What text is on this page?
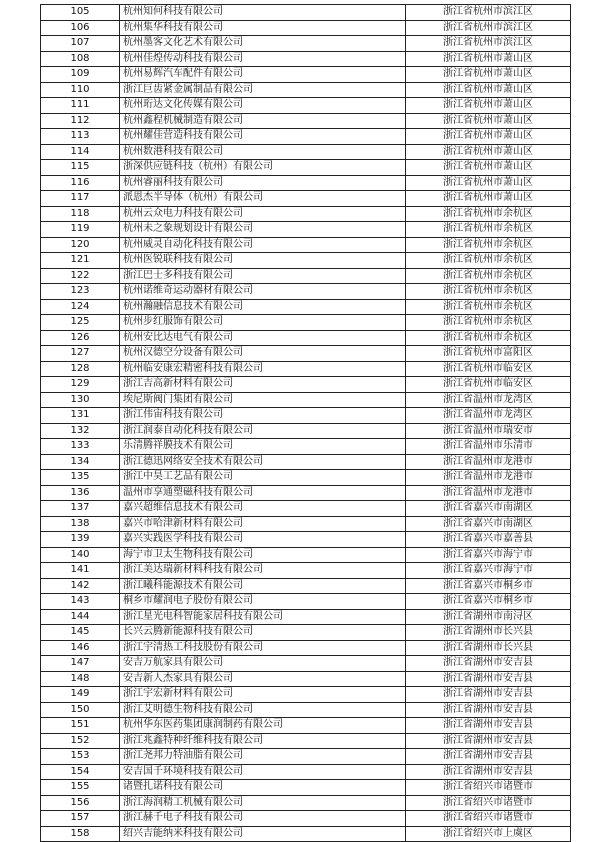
105	杭州知何科技有限公司	浙江省杭州市滨江区
106	杭州集华科技有限公司	浙江省杭州市滨江区
107	杭州墨客文化艺术有限公司	浙江省杭州市滨江区
108	杭州佳煌传动科技有限公司	浙江省杭州市萧山区
109	杭州易辉汽车配件有限公司	浙江省杭州市萧山区
110	浙江巨齿紧金属制品有限公司	浙江省杭州市萧山区
111	杭州珩达文化传媒有限公司	浙江省杭州市萧山区
112	杭州鑫程机械制造有限公司	浙江省杭州市萧山区
113	杭州耀佳营造科技有限公司	浙江省杭州市萧山区
114	杭州数港科技有限公司	浙江省杭州市萧山区
115	浙深供应链科技（杭州）有限公司	浙江省杭州市萧山区
116	杭州睿丽科技有限公司	浙江省杭州市萧山区
117	派恩杰半导体（杭州）有限公司	浙江省杭州市萧山区
118	杭州云众电力科技有限公司	浙江省杭州市余杭区
119	杭州未之象规划设计有限公司	浙江省杭州市余杭区
120	杭州威灵自动化科技有限公司	浙江省杭州市余杭区
121	杭州医锐联科技有限公司	浙江省杭州市余杭区
122	浙江巴士多科技有限公司	浙江省杭州市余杭区
123	杭州诺维奇运动器材有限公司	浙江省杭州市余杭区
124	杭州瀚融信息技术有限公司	浙江省杭州市余杭区
125	杭州步红服饰有限公司	浙江省杭州市余杭区
126	杭州安比达电气有限公司	浙江省杭州市余杭区
127	杭州汉德空分设备有限公司	浙江省杭州市富阳区
128	杭州临安康宏精密科技有限公司	浙江省杭州市临安区
129	浙江吉高新材料有限公司	浙江省杭州市临安区
130	埃尼斯阀门集团有限公司	浙江省温州市龙湾区
131	浙江伟宙科技有限公司	浙江省温州市龙湾区
132	浙江润泰自动化科技有限公司	浙江省温州市瑞安市
133	乐清腾祥膜技术有限公司	浙江省温州市乐清市
134	浙江德迅网络安全技术有限公司	浙江省温州市龙港市
135	浙江中昊工艺品有限公司	浙江省温州市龙港市
136	温州市享通塑磁科技有限公司	浙江省温州市龙港市
137	嘉兴超维信息技术有限公司	浙江省嘉兴市南湖区
138	嘉兴市哈津新材料有限公司	浙江省嘉兴市南湖区
139	嘉兴实践医学科技有限公司	浙江省嘉兴市嘉善县
140	海宁市卫太生物科技有限公司	浙江省嘉兴市海宁市
141	浙江美达瑞新材料科技有限公司	浙江省嘉兴市海宁市
142	浙江曦科能源技术有限公司	浙江省嘉兴市桐乡市
143	桐乡市耀润电子股份有限公司	浙江省嘉兴市桐乡市
144	浙江星光电科智能家居科技有限公司	浙江省湖州市南浔区
145	长兴云腾新能源科技有限公司	浙江省湖州市长兴县
146	浙江宇清热工科技股份有限公司	浙江省湖州市长兴县
147	安吉万航家具有限公司	浙江省湖州市安吉县
148	安吉新人杰家具有限公司	浙江省湖州市安吉县
149	浙江宇宏新材料有限公司	浙江省湖州市安吉县
150	浙江艾明德生物科技有限公司	浙江省湖州市安吉县
151	杭州华东医药集团康润制药有限公司	浙江省湖州市安吉县
152	浙江兆鑫特种纤维科技有限公司	浙江省湖州市安吉县
153	浙江尧邦力特油脂有限公司	浙江省湖州市安吉县
154	安吉国千环境科技有限公司	浙江省湖州市安吉县
155	诸暨扎诺科技有限公司	浙江省绍兴市诸暨市
156	浙江海润精工机械有限公司	浙江省绍兴市诸暨市
157	浙江赫千电子科技有限公司	浙江省绍兴市诸暨市
158	绍兴吉能纳米科技有限公司	浙江省绍兴市上虞区
